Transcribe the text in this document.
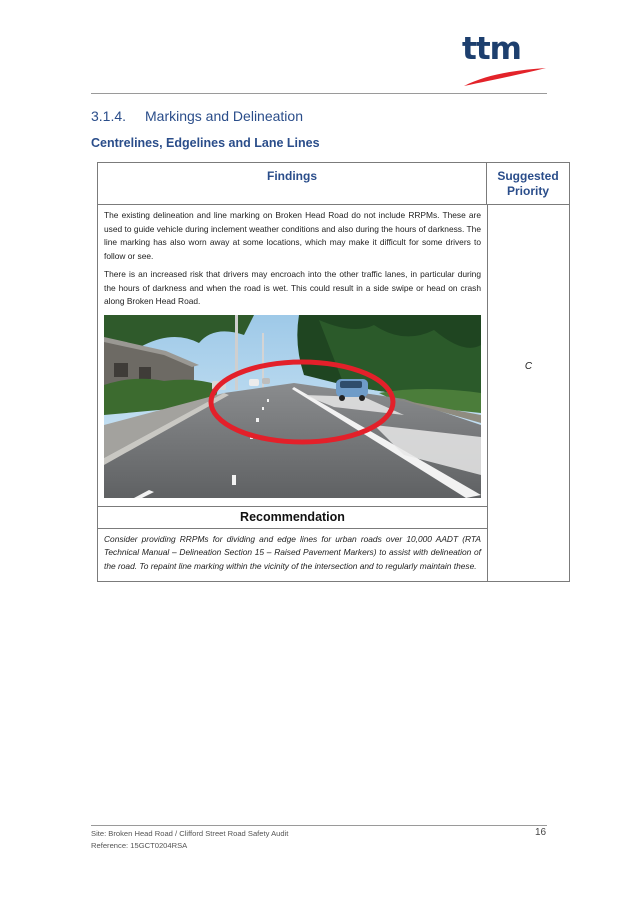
ttm
3.1.4. Markings and Delineation
Centrelines, Edgelines and Lane Lines
Findings	Suggested
Priority

The existing delineation and line marking on Broken Head Road do not include RRPMs. These are used to guide vehicle during inclement weather conditions and also during the hours of darkness. The line marking has also worn away at some locations, which may make it difficult for some drivers to follow or see.

There is an increased risk that drivers may encroach into the other traffic lanes, in particular during the hours of darkness and when the road is wet. This could result in a side swipe or head on crash along Broken Head Road.

Recommendation
Consider providing RRPMs for dividing and edge lines for urban roads over 10,000 AADT (RTA Technical Manual – Delineation Section 15 – Raised Pavement Markers) to assist with delineation of the road. To repaint line marking within the vicinity of the intersection and to regularly maintain these.
C
Site: Broken Head Road / Clifford Street Road Safety Audit
Reference: 15GCT0204RSA
16
